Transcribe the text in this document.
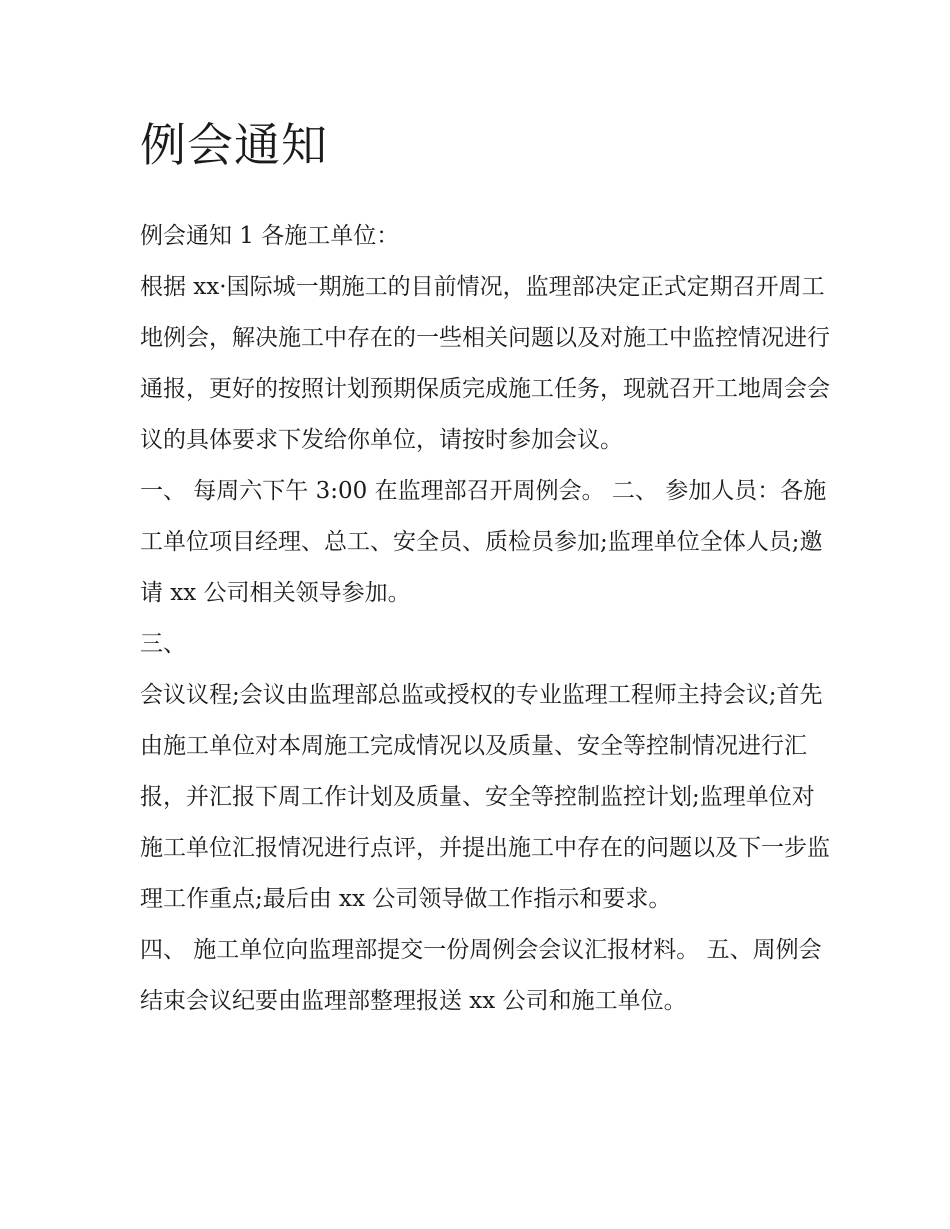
例会通知

例会通知 1 各施工单位：

根据 xx·国际城一期施工的目前情况，监理部决定正式定期召开周工地例会，解决施工中存在的一些相关问题以及对施工中监控情况进行通报，更好的按照计划预期保质完成施工任务，现就召开工地周会会议的具体要求下发给你单位，请按时参加会议。

一、 每周六下午 3:00 在监理部召开周例会。 二、 参加人员：各施工单位项目经理、总工、安全员、质检员参加;监理单位全体人员;邀请 xx 公司相关领导参加。

三、

会议议程;会议由监理部总监或授权的专业监理工程师主持会议;首先由施工单位对本周施工完成情况以及质量、安全等控制情况进行汇报，并汇报下周工作计划及质量、安全等控制监控计划;监理单位对施工单位汇报情况进行点评，并提出施工中存在的问题以及下一步监理工作重点;最后由 xx 公司领导做工作指示和要求。

四、 施工单位向监理部提交一份周例会会议汇报材料。 五、周例会结束会议纪要由监理部整理报送 xx 公司和施工单位。
